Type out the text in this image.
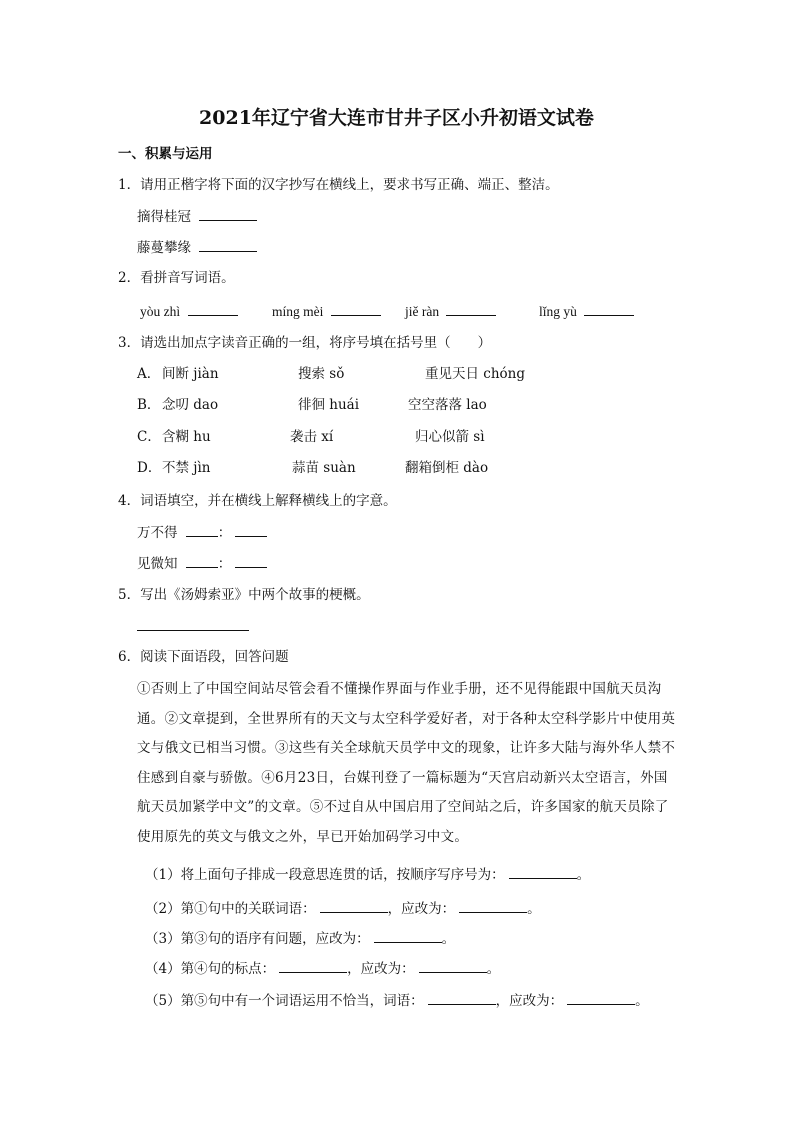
2021年辽宁省大连市甘井子区小升初语文试卷
一、积累与运用
1．请用正楷字将下面的汉字抄写在横线上，要求书写正确、端正、整洁。
摘得桂冠
藤蔓攀缘
2．看拼音写词语。
yòu zhì	míng mèi	jiě ràn	lǐng yù
3．请选出加点字读音正确的一组，将序号填在括号里（　　）
A． 间断 jiàn	搜索 sǒ	重见天日 chóng
B． 念叨 dao	徘徊 huái	空空落落 lao
C． 含糊 hu	袭击 xí	归心似箭 sì
D． 不禁 jìn	蒜苗 suàn	翻箱倒柜 dào
4．词语填空，并在横线上解释横线上的字意。
万不得	：
见微知	：
5．写出《汤姆索亚》中两个故事的梗概。
6．阅读下面语段，回答问题
①否则上了中国空间站尽管会看不懂操作界面与作业手册，还不见得能跟中国航天员沟通。②文章提到，全世界所有的天文与太空科学爱好者，对于各种太空科学影片中使用英文与俄文已相当习惯。③这些有关全球航天员学中文的现象，让许多大陆与海外华人禁不住感到自豪与骄傲。④6月23日，台媒刊登了一篇标题为“天宫启动新兴太空语言，外国航天员加紧学中文”的文章。⑤不过自从中国启用了空间站之后，许多国家的航天员除了使用原先的英文与俄文之外，早已开始加码学习中文。
（1）将上面句子排成一段意思连贯的话，按顺序写序号为：	。
（2）第①句中的关联词语：	，应改为：	。
（3）第③句的语序有问题，应改为：	。
（4）第④句的标点：	，应改为：	。
（5）第⑤句中有一个词语运用不恰当，词语：	，应改为：	。
